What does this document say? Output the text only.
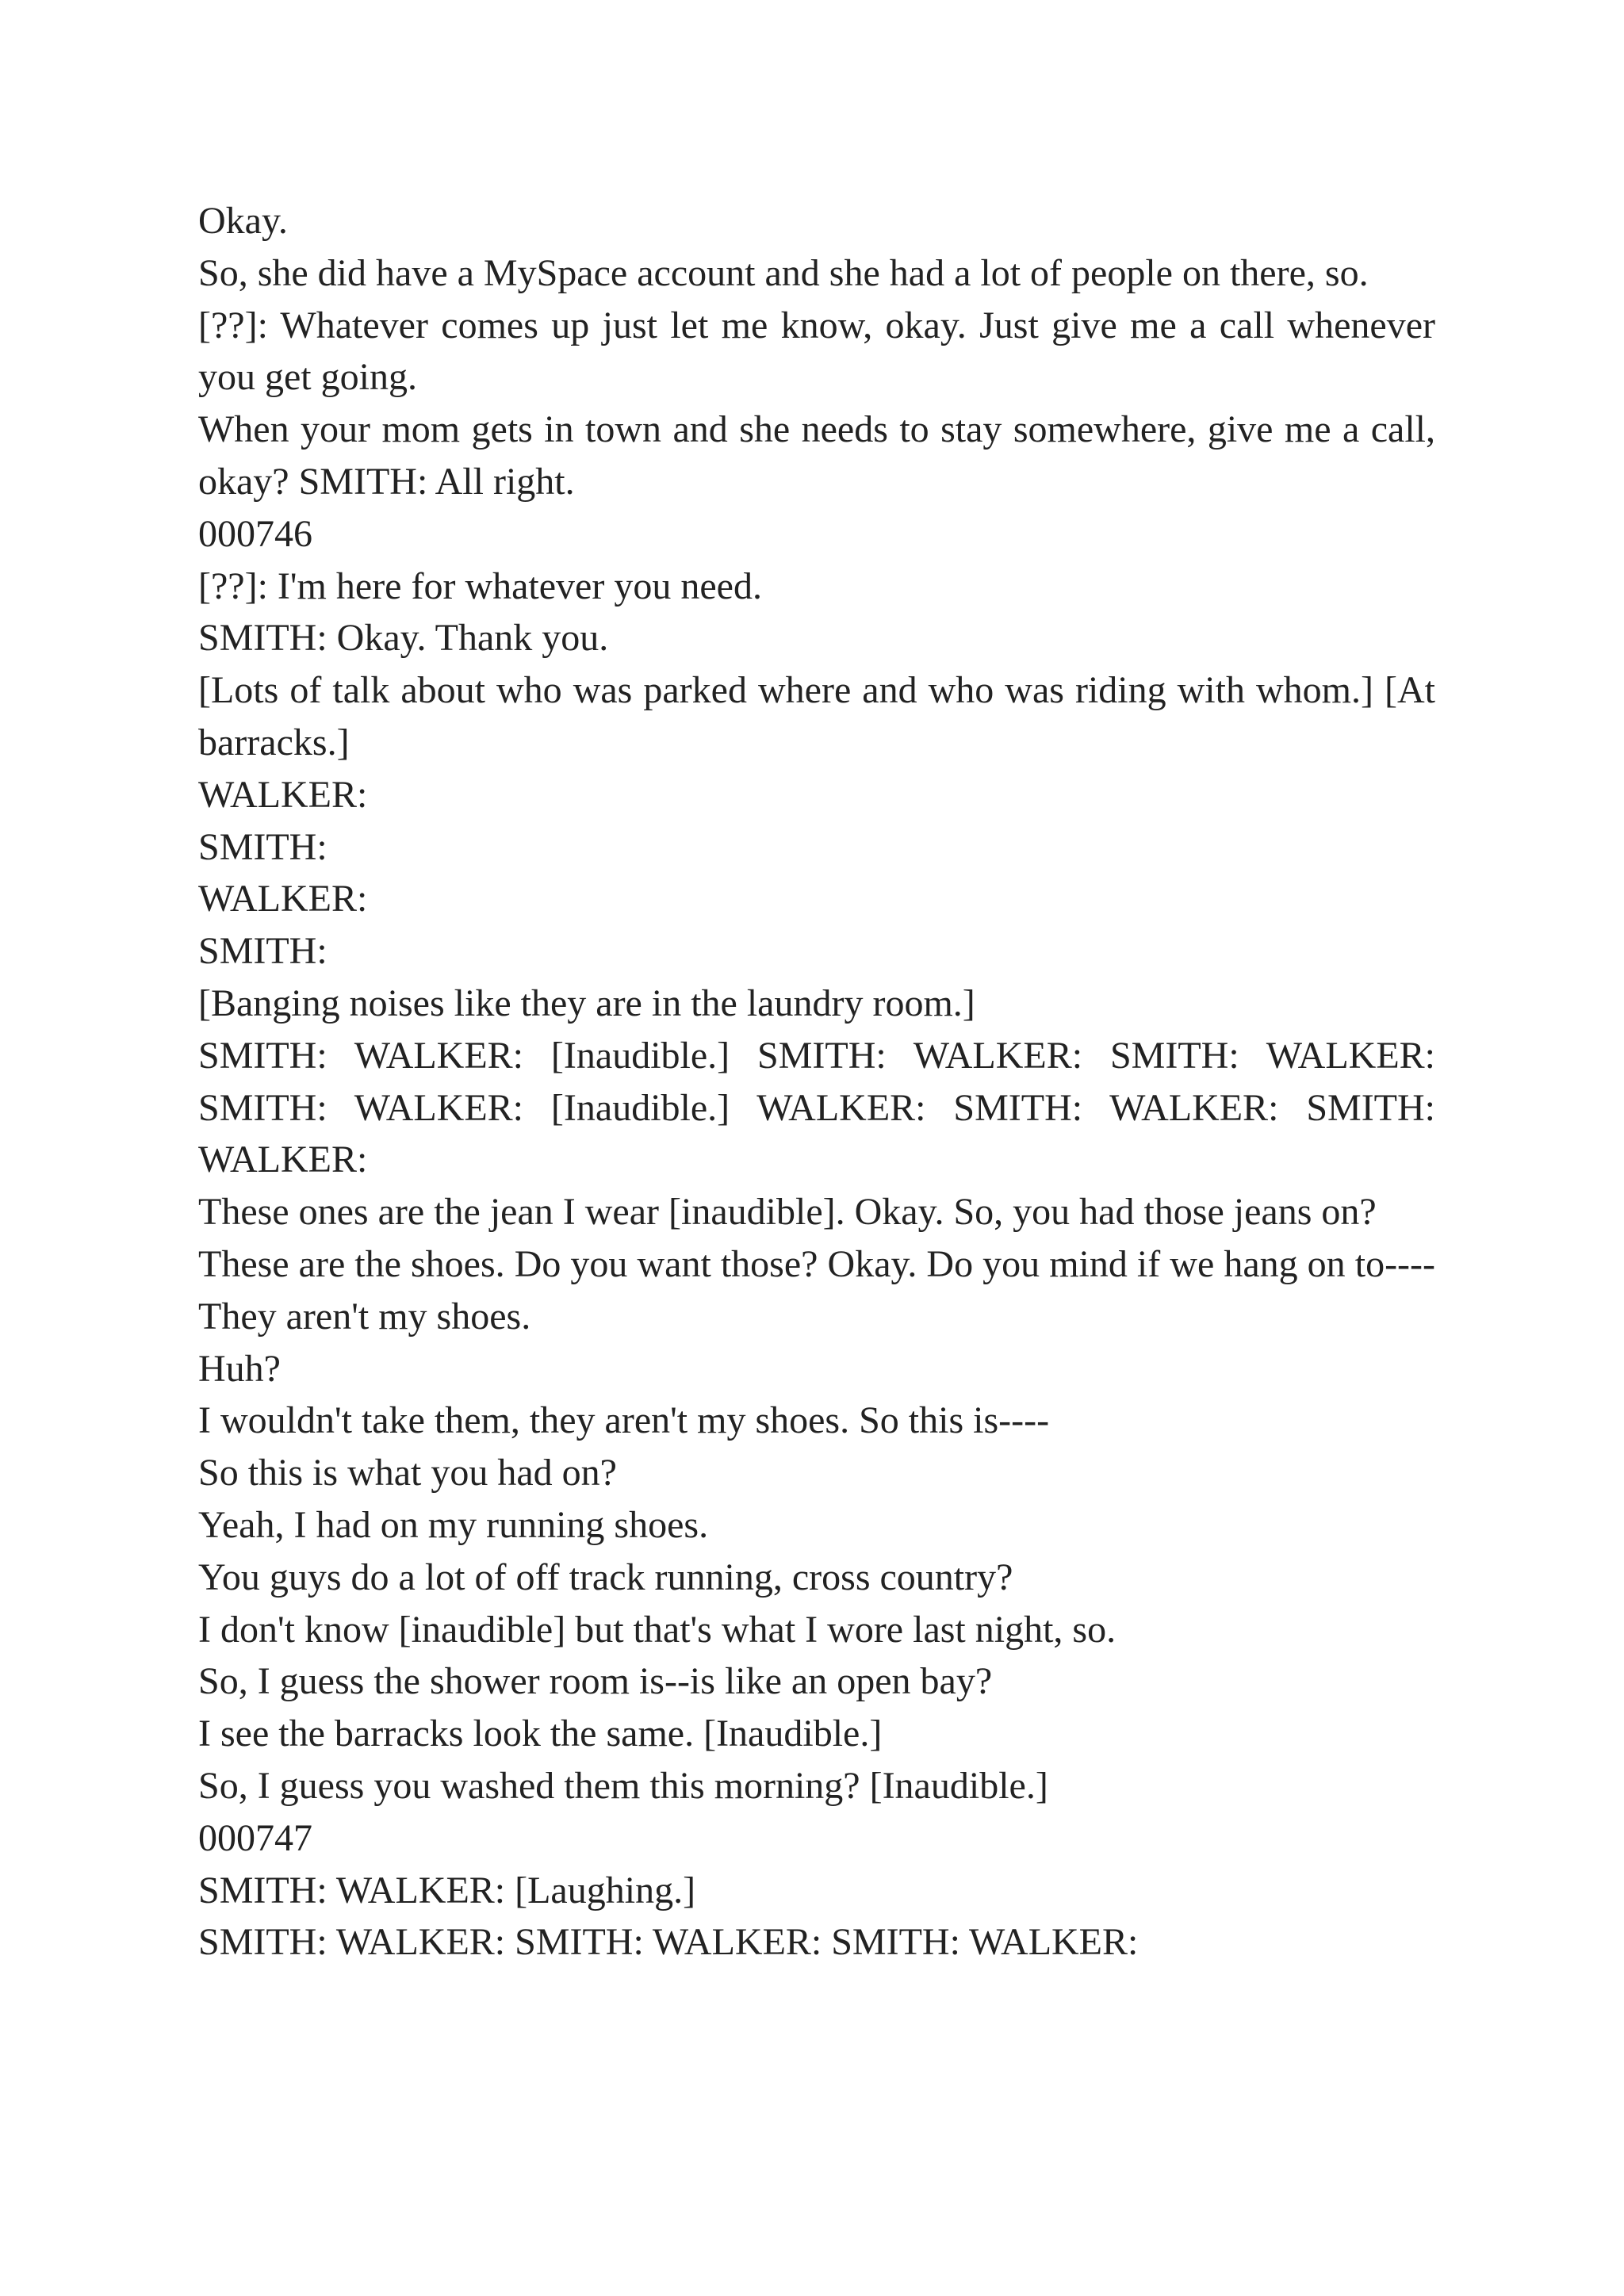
Okay.
So, she did have a MySpace account and she had a lot of people on there, so.
[??]: Whatever comes up just let me know, okay. Just give me a call whenever you get going.
When your mom gets in town and she needs to stay somewhere, give me a call, okay? SMITH: All right.
000746
[??]: I'm here for whatever you need.
SMITH: Okay. Thank you.
[Lots of talk about who was parked where and who was riding with whom.] [At barracks.]
WALKER:
SMITH:
WALKER:
SMITH:
[Banging noises like they are in the laundry room.]
SMITH: WALKER: [Inaudible.] SMITH: WALKER: SMITH: WALKER: SMITH: WALKER: [Inaudible.] WALKER: SMITH: WALKER: SMITH: WALKER:
These ones are the jean I wear [inaudible]. Okay. So, you had those jeans on?
These are the shoes. Do you want those? Okay. Do you mind if we hang on to---- They aren't my shoes.
Huh?
I wouldn't take them, they aren't my shoes. So this is----
So this is what you had on?
Yeah, I had on my running shoes.
You guys do a lot of off track running, cross country?
I don't know [inaudible] but that's what I wore last night, so.
So, I guess the shower room is--is like an open bay?
I see the barracks look the same. [Inaudible.]
So, I guess you washed them this morning? [Inaudible.]
000747
SMITH: WALKER: [Laughing.]
SMITH: WALKER: SMITH: WALKER: SMITH: WALKER:
